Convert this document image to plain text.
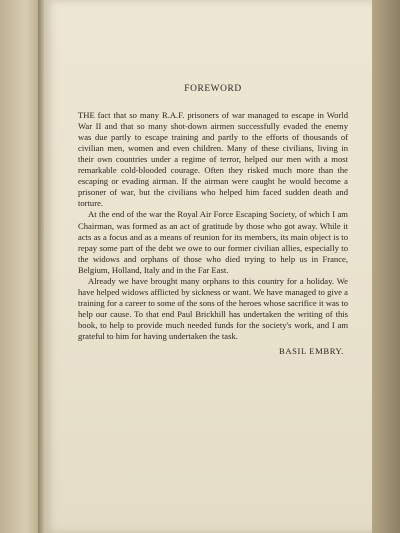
FOREWORD

THE fact that so many R.A.F. prisoners of war managed to escape in World War II and that so many shot-down airmen successfully evaded the enemy was due partly to escape training and partly to the efforts of thousands of civilian men, women and even children. Many of these civilians, living in their own countries under a regime of terror, helped our men with a most remarkable cold-blooded courage. Often they risked much more than the escaping or evading airman. If the airman were caught he would become a prisoner of war, but the civilians who helped him faced sudden death and torture.

At the end of the war the Royal Air Force Escaping Society, of which I am Chairman, was formed as an act of gratitude by those who got away. While it acts as a focus and as a means of reunion for its members, its main object is to repay some part of the debt we owe to our former civilian allies, especially to the widows and orphans of those who died trying to help us in France, Belgium, Holland, Italy and in the Far East.

Already we have brought many orphans to this country for a holiday. We have helped widows afflicted by sickness or want. We have managed to give a training for a career to some of the sons of the heroes whose sacrifice it was to help our cause. To that end Paul Brickhill has undertaken the writing of this book, to help to provide much needed funds for the society's work, and I am grateful to him for having undertaken the task.

BASIL EMBRY.
